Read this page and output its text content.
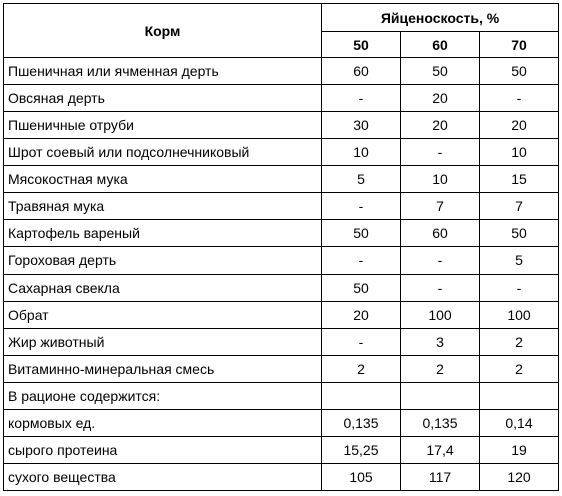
Корм	Яйценоскость, %		
	50	60	70
Пшеничная или ячменная дерть	60	50	50
Овсяная дерть	-	20	-
Пшеничные отруби	30	20	20
Шрот соевый или подсолнечниковый	10	-	10
Мясокостная мука	5	10	15
Травяная мука	-	7	7
Картофель вареный	50	60	50
Гороховая дерть	-	-	5
Сахарная свекла	50	-	-
Обрат	20	100	100
Жир животный	-	3	2
Витаминно-минеральная смесь	2	2	2
В рационе содержится:			
кормовых ед.	0,135	0,135	0,14
сырого протеина	15,25	17,4	19
сухого вещества	105	117	120
